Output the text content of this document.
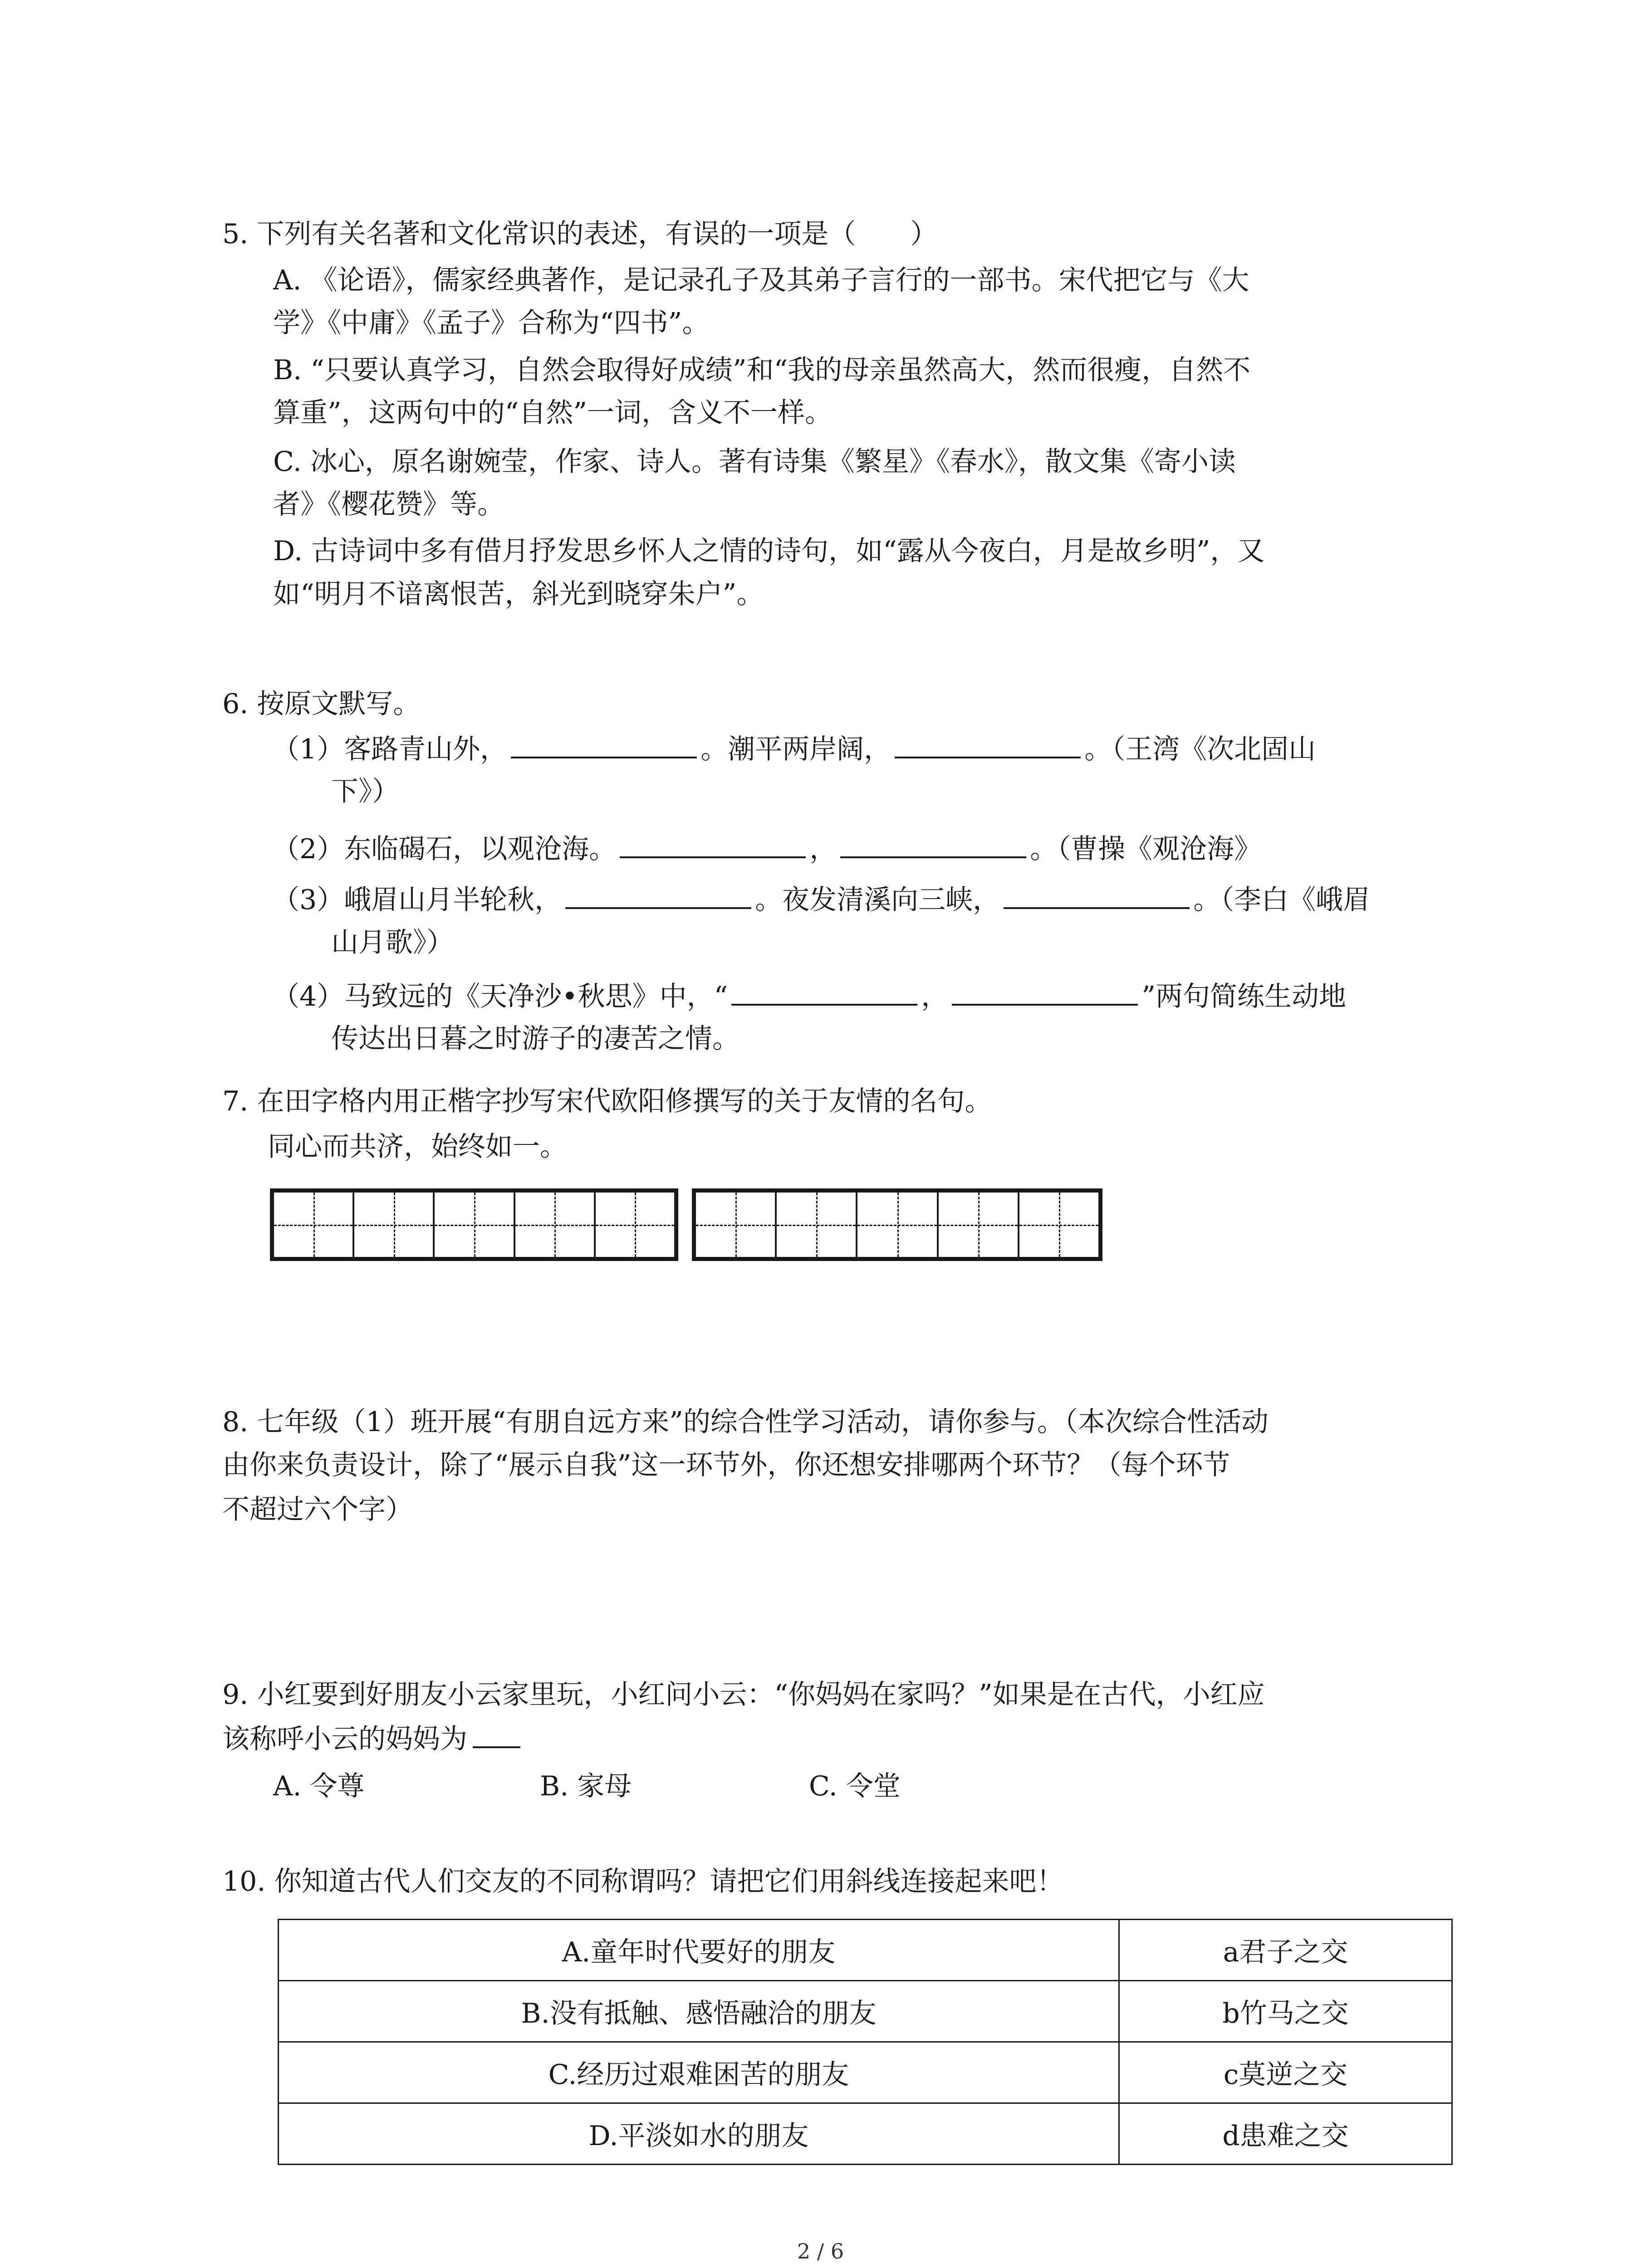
5. 下列有关名著和文化常识的表述，有误的一项是（　　）
A. 《论语》，儒家经典著作，是记录孔子及其弟子言行的一部书。宋代把它与《大
学》《中庸》《孟子》合称为“四书”。
B. “只要认真学习，自然会取得好成绩”和“我的母亲虽然高大，然而很瘦，自然不
算重”，这两句中的“自然”一词，含义不一样。
C. 冰心，原名谢婉莹，作家、诗人。著有诗集《繁星》《春水》，散文集《寄小读
者》《樱花赞》等。
D. 古诗词中多有借月抒发思乡怀人之情的诗句，如“露从今夜白，月是故乡明”，又
如“明月不谙离恨苦，斜光到晓穿朱户”。
6. 按原文默写。
（1）客路青山外，	。潮平两岸阔，	。（王湾《次北固山
下》）
（2）东临碣石，以观沧海。	，	。（曹操《观沧海》
（3）峨眉山月半轮秋，	。夜发清溪向三峡，	。（李白《峨眉
山月歌》）
（4）马致远的《天净沙•秋思》中，“	，	”两句简练生动地
传达出日暮之时游子的凄苦之情。
7. 在田字格内用正楷字抄写宋代欧阳修撰写的关于友情的名句。
同心而共济，始终如一。
8. 七年级（1）班开展“有朋自远方来”的综合性学习活动，请你参与。（本次综合性活动
由你来负责设计，除了“展示自我”这一环节外，你还想安排哪两个环节？（每个环节
不超过六个字）
9. 小红要到好朋友小云家里玩，小红问小云：“你妈妈在家吗？”如果是在古代，小红应
该称呼小云的妈妈为
A. 令尊	B. 家母	C. 令堂
10. 你知道古代人们交友的不同称谓吗？请把它们用斜线连接起来吧！
A.童年时代要好的朋友	a君子之交
B.没有抵触、感悟融洽的朋友	b竹马之交
C.经历过艰难困苦的朋友	c莫逆之交
D.平淡如水的朋友	d患难之交
2 / 6
